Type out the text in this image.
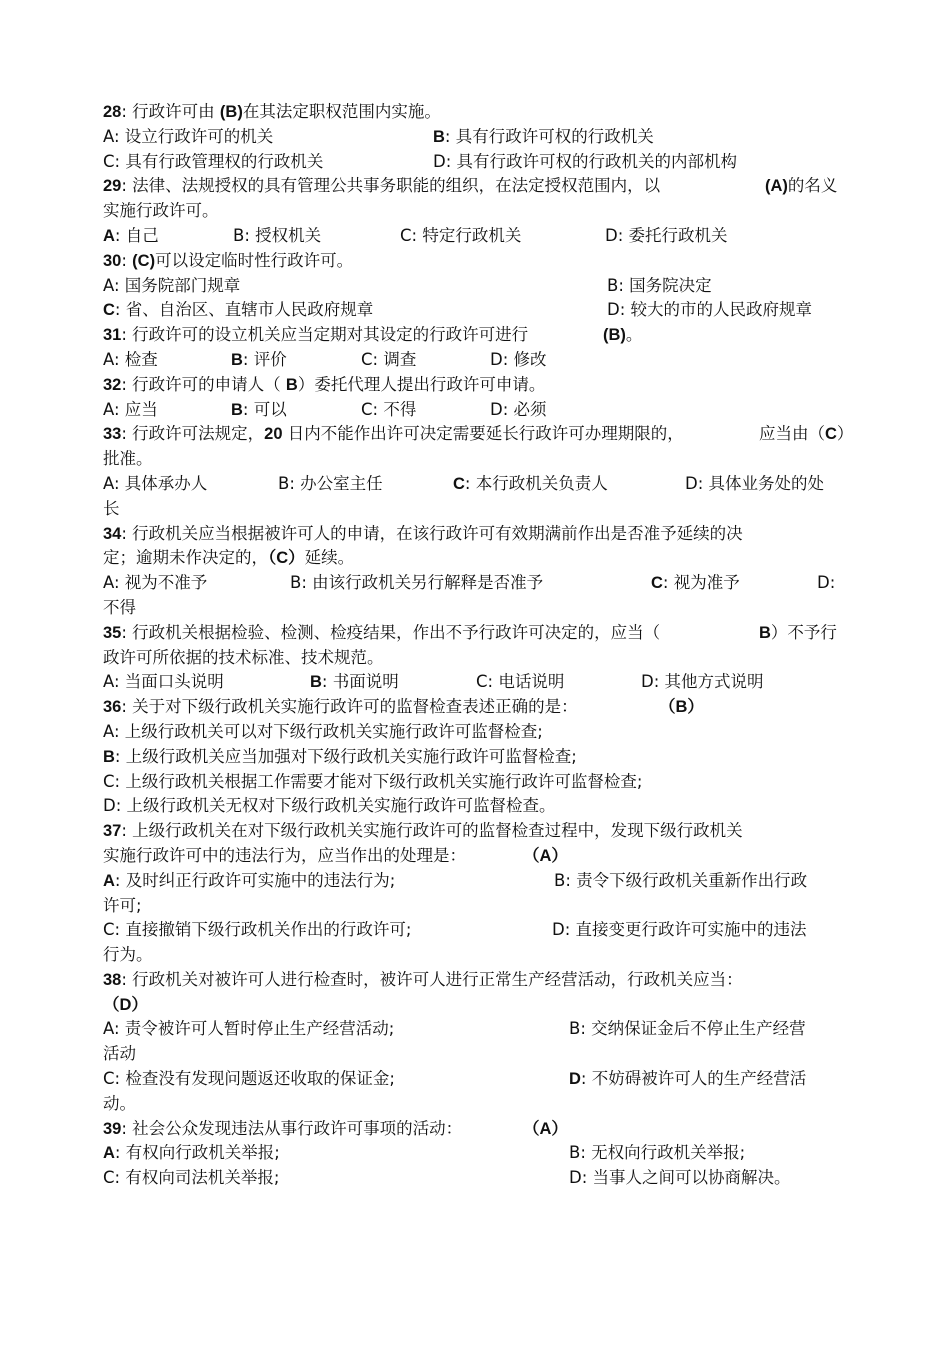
28: 行政许可由 (B)在其法定职权范围内实施。
A: 设立行政许可的机关	B: 具有行政许可权的行政机关
C: 具有行政管理权的行政机关	D: 具有行政许可权的行政机关的内部机构
29: 法律、法规授权的具有管理公共事务职能的组织，在法定授权范围内，以	(A)的名义
实施行政许可。
A: 自己	B: 授权机关	C: 特定行政机关	D: 委托行政机关
30: (C)可以设定临时性行政许可。
A: 国务院部门规章	B: 国务院决定
C: 省、自治区、直辖市人民政府规章	D: 较大的市的人民政府规章
31: 行政许可的设立机关应当定期对其设定的行政许可进行	(B)。
A: 检查	B: 评价	C: 调查	D: 修改
32: 行政许可的申请人（ B）委托代理人提出行政许可申请。
A: 应当	B: 可以	C: 不得	D: 必须
33: 行政许可法规定，20 日内不能作出许可决定需要延长行政许可办理期限的，	应当由（C）
批准。
A: 具体承办人	B: 办公室主任	C: 本行政机关负责人	D: 具体业务处的处
长
34: 行政机关应当根据被许可人的申请，在该行政许可有效期满前作出是否准予延续的决
定；逾期未作决定的，（C）延续。
A: 视为不准予	B: 由该行政机关另行解释是否准予	C: 视为准予	D:
不得
35: 行政机关根据检验、检测、检疫结果，作出不予行政许可决定的，应当（	B）不予行
政许可所依据的技术标准、技术规范。
A: 当面口头说明	B: 书面说明	C: 电话说明	D: 其他方式说明
36: 关于对下级行政机关实施行政许可的监督检查表述正确的是：	（B）
A: 上级行政机关可以对下级行政机关实施行政许可监督检查;
B: 上级行政机关应当加强对下级行政机关实施行政许可监督检查;
C: 上级行政机关根据工作需要才能对下级行政机关实施行政许可监督检查;
D: 上级行政机关无权对下级行政机关实施行政许可监督检查。
37: 上级行政机关在对下级行政机关实施行政许可的监督检查过程中，发现下级行政机关
实施行政许可中的违法行为，应当作出的处理是：	（A）
A: 及时纠正行政许可实施中的违法行为;	B: 责令下级行政机关重新作出行政
许可;
C: 直接撤销下级行政机关作出的行政许可;	D: 直接变更行政许可实施中的违法
行为。
38: 行政机关对被许可人进行检查时，被许可人进行正常生产经营活动，行政机关应当：
（D）
A: 责令被许可人暂时停止生产经营活动;	B: 交纳保证金后不停止生产经营
活动
C: 检查没有发现问题返还收取的保证金;	D: 不妨碍被许可人的生产经营活
动。
39: 社会公众发现违法从事行政许可事项的活动：	（A）
A: 有权向行政机关举报;	B: 无权向行政机关举报;
C: 有权向司法机关举报;	D: 当事人之间可以协商解决。
